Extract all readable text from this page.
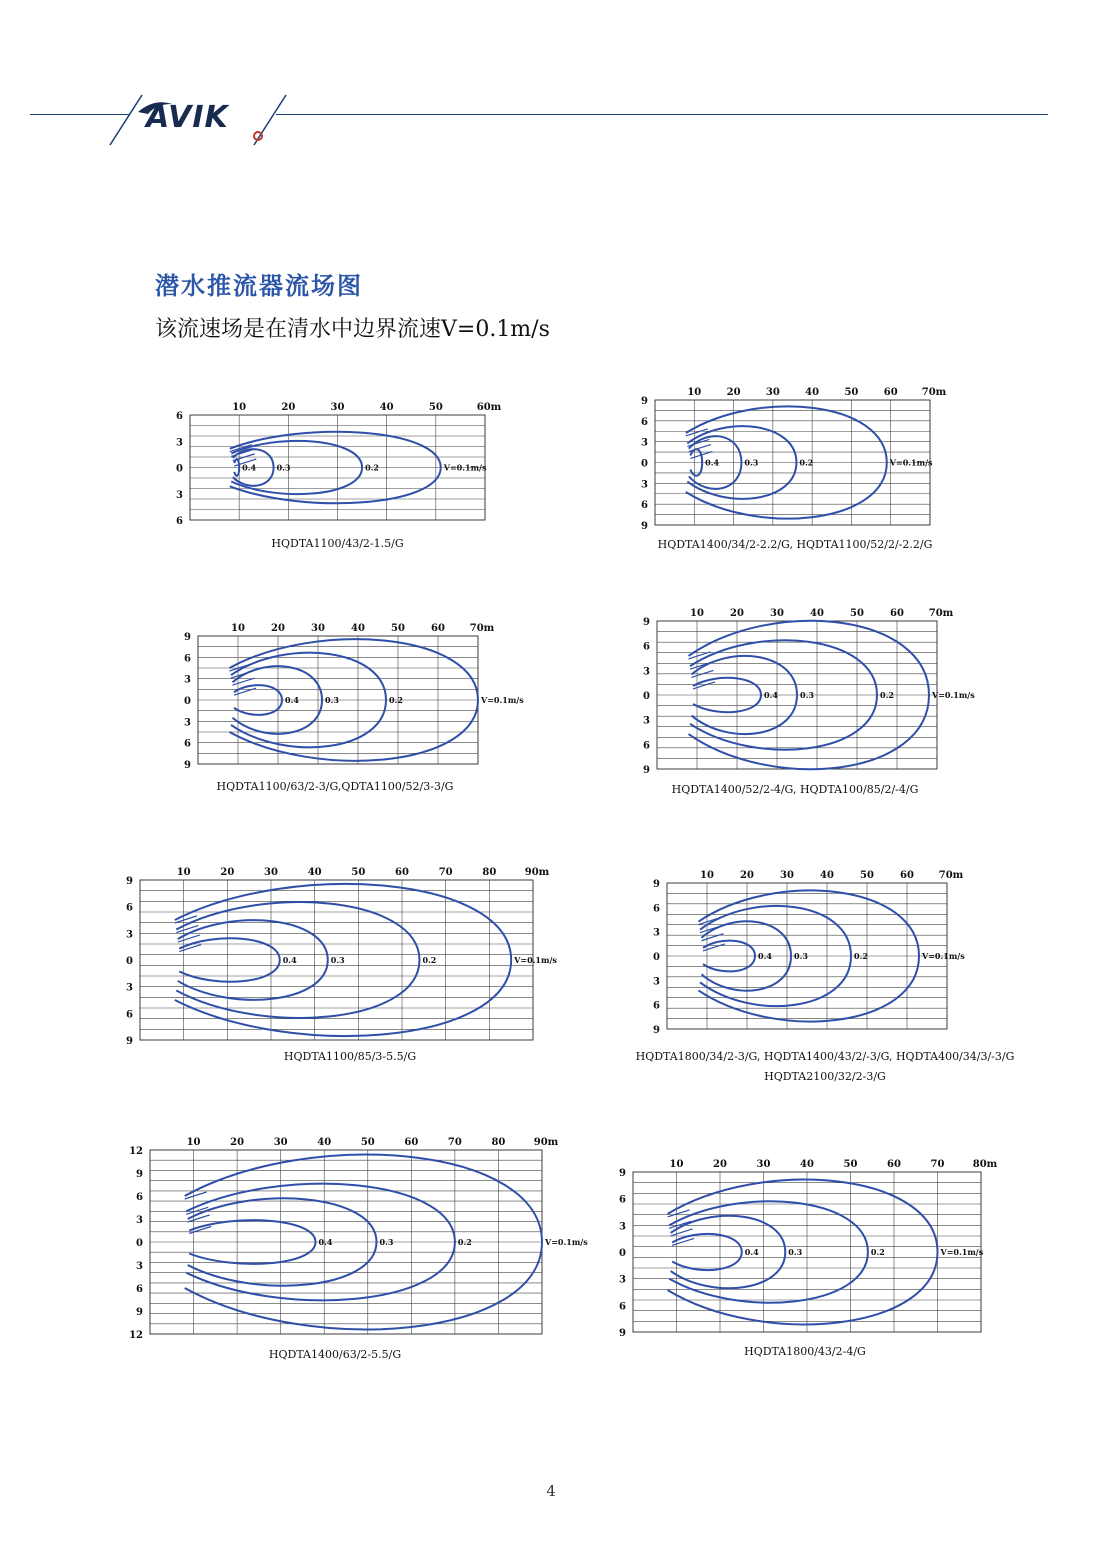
AVIK
潜水推流器流场图
该流速场是在清水中边界流速V=0.1m/s
10	20	30	40	50	60m
6
3
0
3
6
0.4	0.3	0.2	V=0.1m/s
10	20	30	40	50	60 70m
9
6
3
0
3
6
9
0.4	0.3	0.2	V=0.1m/s
10	20	30	40	50	60 70m
9
6
3
0
3
6
9
0.4	0.3	0.2	V=0.1m/s
10	20	30	40	50	60 70m
9
6
3
0
3
6
9
0.4	0.3	0.2	V=0.1m/s
10	20	30	40	50	60	70	80	90m
9
6
3
0
3
6
9
0.4	0.3	0.2	V=0.1m/s
10	20	30	40	50	60 70m
9
6
3
0
3
6
9
0.4	0.3	0.2	V=0.1m/s
10	20	30	40	50	60	70	80	90m
12
9
6
3
0
3
6
9
12
0.4	0.3	0.2	V=0.1m/s
10	20	30	40	50	60	70	80m
9
6
3
0
3
6
9
0.4	0.3	0.2	V=0.1m/s
HQDTA1100/43/2-1.5/G	HQDTA1400/34/2-2.2/G, HQDTA1100/52/2/-2.2/G
HQDTA1100/63/2-3/G,QDTA1100/52/3-3/G	HQDTA1400/52/2-4/G, HQDTA100/85/2/-4/G
HQDTA1100/85/3-5.5/G	HQDTA1800/34/2-3/G, HQDTA1400/43/2/-3/G, HQDTA400/34/3/-3/G
HQDTA2100/32/2-3/G
HQDTA1400/63/2-5.5/G	HQDTA1800/43/2-4/G
4
